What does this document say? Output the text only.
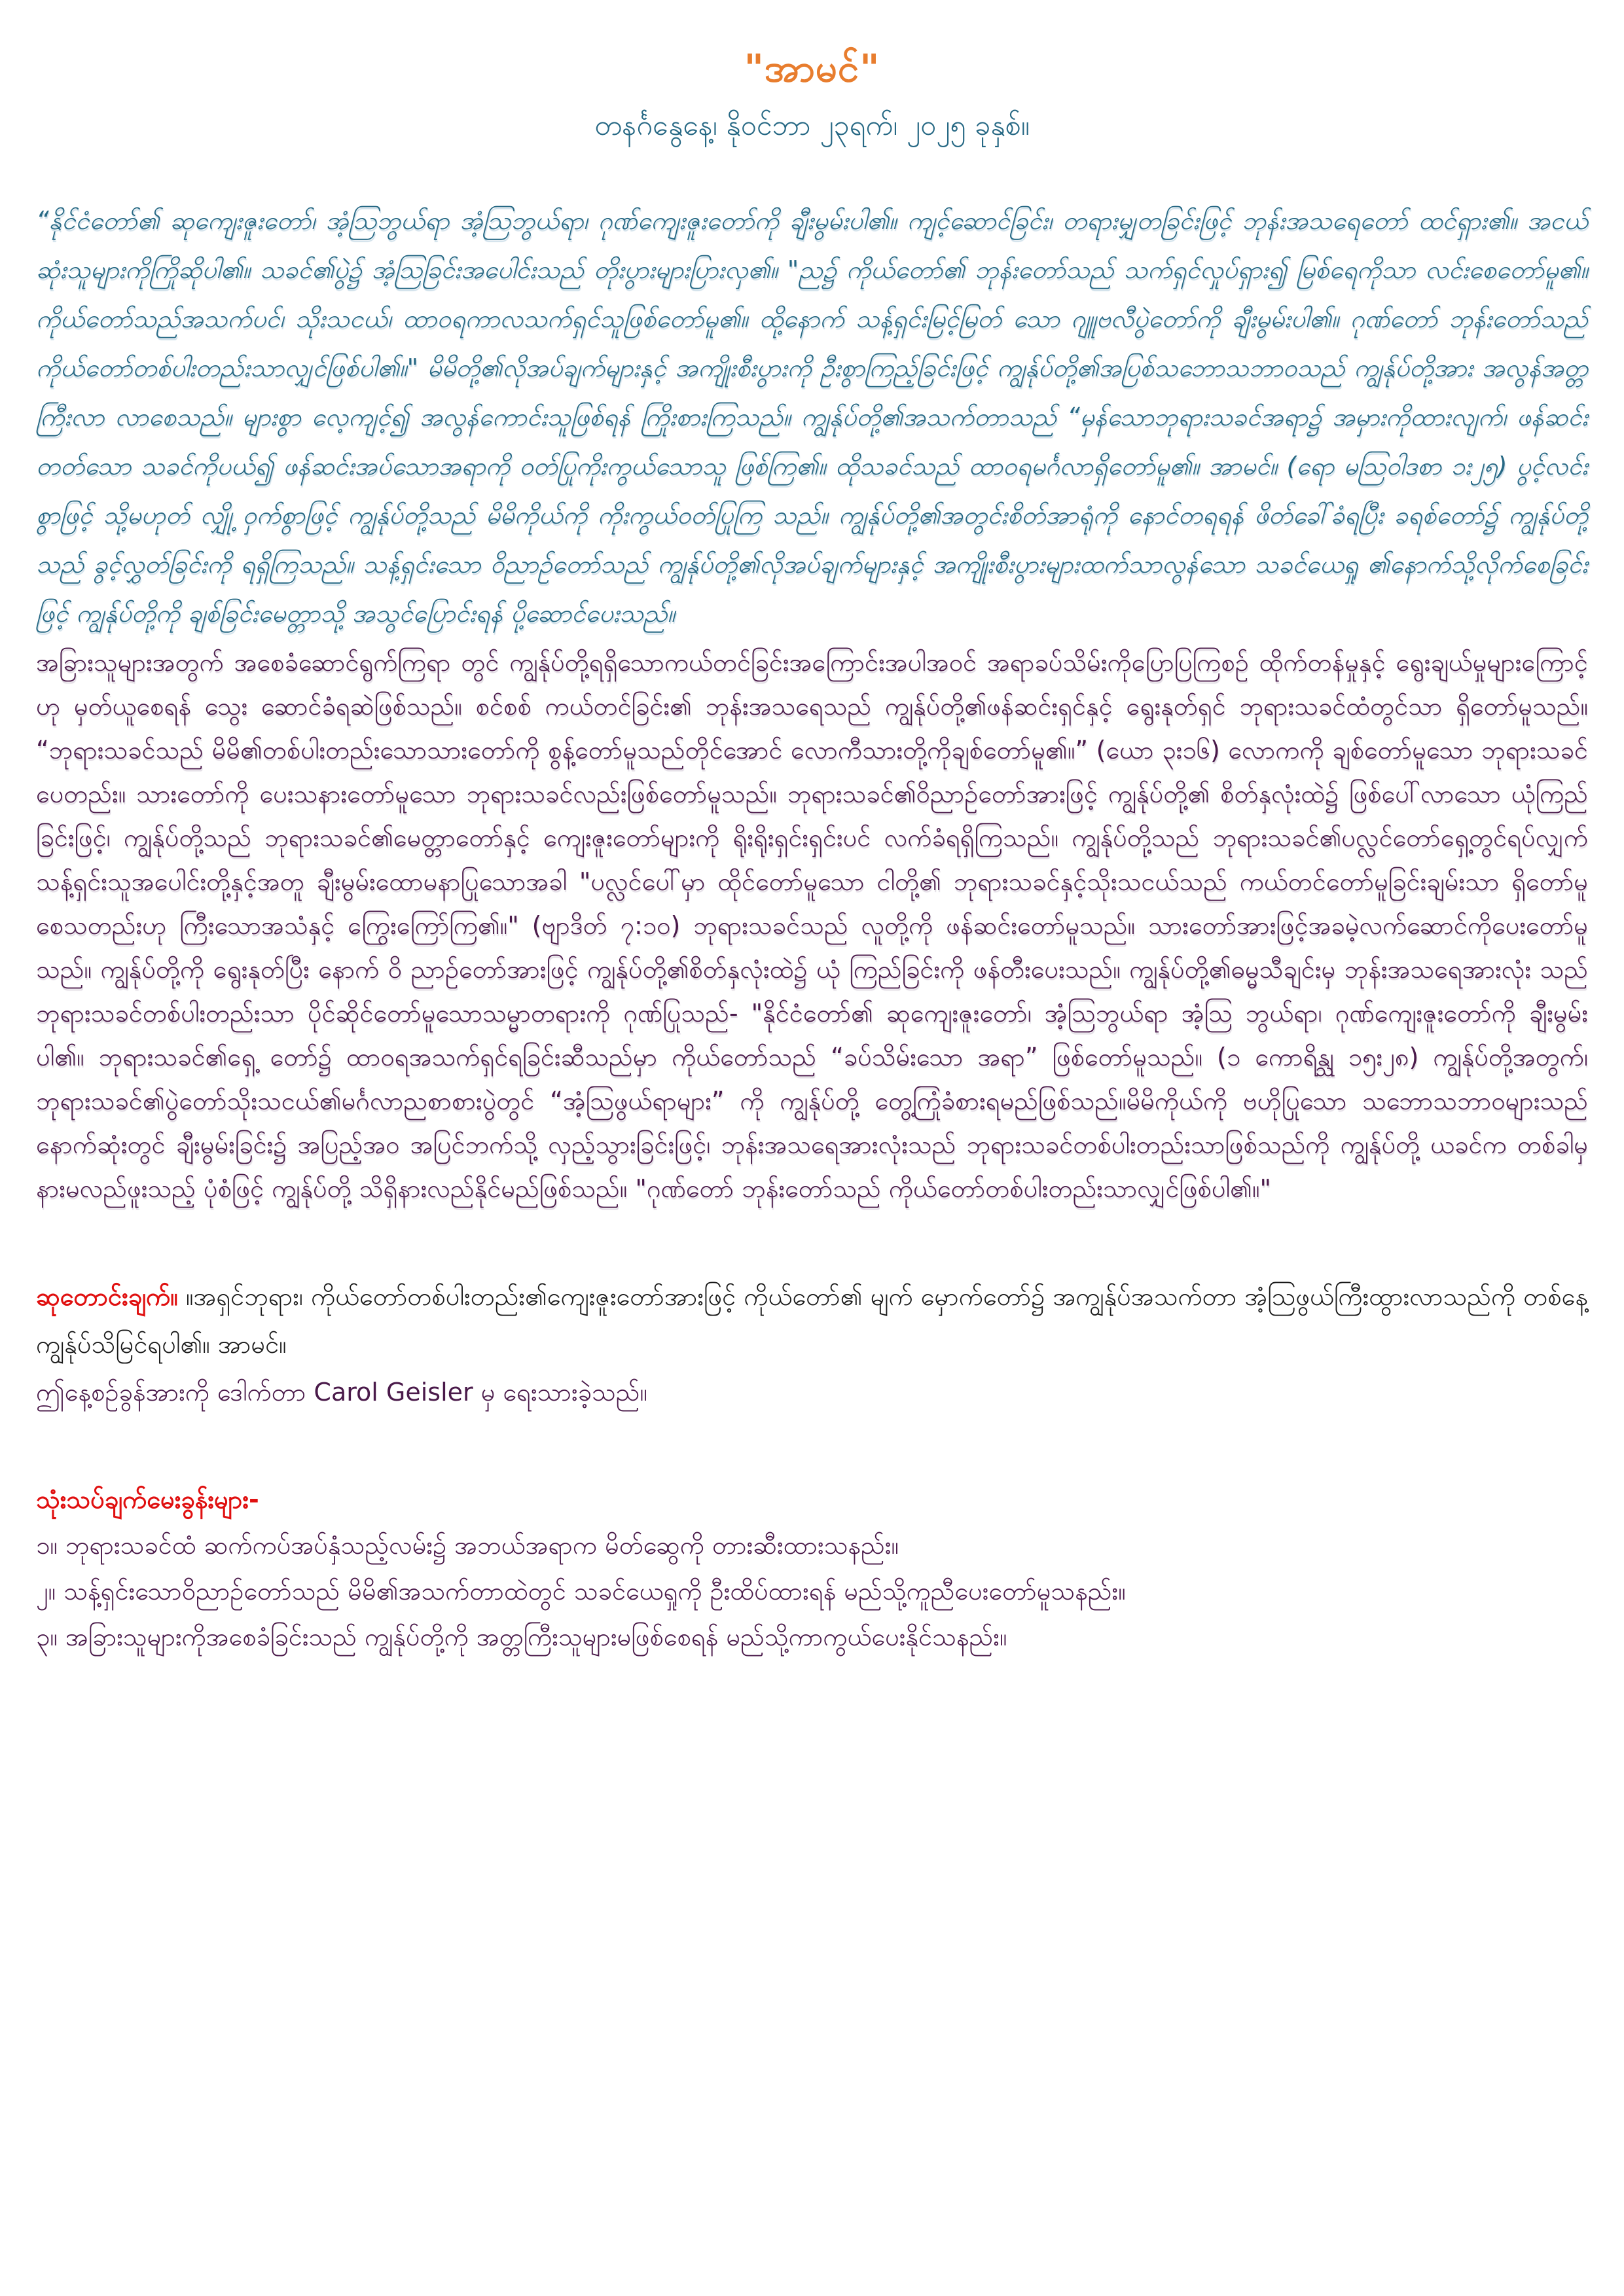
"အာမင်"
တနင်္ဂနွေနေ့၊ နိုဝင်ဘာ ၂၃ရက်၊ ၂၀၂၅ ခုနှစ်။
“နိုင်ငံတော်၏ ဆုကျေးဇူးတော်၊ အံ့ဩဘွယ်ရာ အံ့ဩဘွယ်ရာ၊ ဂုဏ်ကျေးဇူးတော်ကို ချီးမွမ်းပါ၏။ ကျင့်ဆောင်ခြင်း၊ တရားမျှတခြင်းဖြင့် ဘုန်းအသရေတော် ထင်ရှား၏။ အငယ်ဆုံးသူများကိုကြိုဆိုပါ၏။ သခင်၏ပွဲ၌ အံ့ဩခြင်းအပေါင်းသည် တိုးပွားများပြားလှ၏။ "ည၌ ကိုယ်တော်၏ ဘုန်းတော်သည် သက်ရှင်လှုပ်ရှား၍ မြစ်ရေကိုသာ လင်းစေတော်မူ၏။ ကိုယ်တော်သည်အသက်ပင်၊ သိုးသငယ်၊ ထာဝရကာလသက်ရှင်သူဖြစ်တော်မူ၏။ ထို့နောက် သန့်ရှင်းမြင့်မြတ် သော ဂျူဗလီပွဲတော်ကို ချီးမွမ်းပါ၏။ ဂုဏ်တော် ဘုန်းတော်သည် ကိုယ်တော်တစ်ပါးတည်းသာလျှင်ဖြစ်ပါ၏။" မိမိတို့၏လိုအပ်ချက်များနှင့် အကျိုးစီးပွားကို ဦးစွာကြည့်ခြင်းဖြင့် ကျွန်ုပ်တို့၏အပြစ်သဘောသဘာဝသည် ကျွန်ုပ်တို့အား အလွန်အတ္တကြီးလာ လာစေသည်။ များစွာ လေ့ကျင့်၍ အလွန်ကောင်းသူဖြစ်ရန် ကြိုးစားကြသည်။ ကျွန်ုပ်တို့၏အသက်တာသည် “မှန်သောဘုရားသခင်အရာ၌ အမှားကိုထားလျက်၊ ဖန်ဆင်းတတ်သော သခင်ကိုပယ်၍ ဖန်ဆင်းအပ်သောအရာကို ဝတ်ပြုကိုးကွယ်သောသူ ဖြစ်ကြ၏။ ထိုသခင်သည် ထာဝရမင်္ဂလာရှိတော်မူ၏။ အာမင်။ (ရော မဩဝါဒစာ ၁း၂၅) ပွင့်လင်းစွာဖြင့် သို့မဟုတ် လျှို့ ဝှက်စွာဖြင့် ကျွန်ုပ်တို့သည် မိမိကိုယ်ကို ကိုးကွယ်ဝတ်ပြုကြ သည်။ ကျွန်ုပ်တို့၏အတွင်းစိတ်အာရုံကို နောင်တရရန် ဖိတ်ခေါ်ခံရပြီး ခရစ်တော်၌ ကျွန်ုပ်တို့ သည် ခွင့်လွှတ်ခြင်းကို ရရှိကြသည်။ သန့်ရှင်းသော ဝိညာဉ်တော်သည် ကျွန်ုပ်တို့၏လိုအပ်ချက်များနှင့် အကျိုးစီးပွားများထက်သာလွန်သော သခင်ယေရှု ၏နောက်သို့လိုက်စေခြင်းဖြင့် ကျွန်ုပ်တို့ကို ချစ်ခြင်းမေတ္တာသို့ အသွင်ပြောင်းရန် ပို့ဆောင်ပေးသည်။
အခြားသူများအတွက် အစေခံဆောင်ရွက်ကြရာ တွင် ကျွန်ုပ်တို့ရရှိသောကယ်တင်ခြင်းအကြောင်းအပါအဝင် အရာခပ်သိမ်းကိုပြောပြကြစဉ် ထိုက်တန်မှုနှင့် ရွေးချယ်မှုများကြောင့်ဟု မှတ်ယူစေရန် သွေး ဆောင်ခံရဆဲဖြစ်သည်။ စင်စစ် ကယ်တင်ခြင်း၏ ဘုန်းအသရေသည် ကျွန်ုပ်တို့၏ဖန်ဆင်းရှင်နှင့် ရွေးနုတ်ရှင် ဘုရားသခင်ထံတွင်သာ ရှိတော်မူသည်။ “ဘုရားသခင်သည် မိမိ၏တစ်ပါးတည်းသောသားတော်ကို စွန့်တော်မူသည်တိုင်အောင် လောကီသားတို့ကိုချစ်တော်မူ၏။” (ယော ၃း၁၆) လောကကို ချစ်တော်မူသော ဘုရားသခင်ပေတည်း။ သားတော်ကို ပေးသနားတော်မူသော ဘုရားသခင်လည်းဖြစ်တော်မူသည်။ ဘုရားသခင်၏ဝိညာဉ်တော်အားဖြင့် ကျွန်ုပ်တို့၏ စိတ်နှလုံးထဲ၌ ဖြစ်ပေါ်လာသော ယုံကြည်ခြင်းဖြင့်၊ ကျွန်ုပ်တို့သည် ဘုရားသခင်၏မေတ္တာတော်နှင့် ကျေးဇူးတော်များကို ရိုးရိုးရှင်းရှင်းပင် လက်ခံရရှိကြသည်။ ကျွန်ုပ်တို့သည် ဘုရားသခင်၏ပလ္လင်တော်ရှေ့တွင်ရပ်လျှက် သန့်ရှင်းသူအပေါင်းတို့နှင့်အတူ ချီးမွမ်းထောမနာပြုသောအခါ "ပလ္လင်ပေါ်မှာ ထိုင်တော်မူသော ငါတို့၏ ဘုရားသခင်နှင့်သိုးသငယ်သည် ကယ်တင်တော်မူခြင်းချမ်းသာ ရှိတော်မူစေသတည်းဟု ကြီးသောအသံနှင့် ကြွေးကြော်ကြ၏။" (ဗျာဒိတ် ၇:၁၀) ဘုရားသခင်သည် လူတို့ကို ဖန်ဆင်းတော်မူသည်။ သားတော်အားဖြင့်အခမဲ့လက်ဆောင်ကိုပေးတော်မူသည်။ ကျွန်ုပ်တို့ကို ရွေးနုတ်ပြီး နောက် ဝိ ညာဉ်တော်အားဖြင့် ကျွန်ုပ်တို့၏စိတ်နှလုံးထဲ၌ ယုံ ကြည်ခြင်းကို ဖန်တီးပေးသည်။ ကျွန်ုပ်တို့၏ဓမ္မသီချင်းမှ ဘုန်းအသရေအားလုံး သည် ဘုရားသခင်တစ်ပါးတည်းသာ ပိုင်ဆိုင်တော်မူသောသမ္မာတရားကို ဂုဏ်ပြုသည်- "နိုင်ငံတော်၏ ဆုကျေးဇူးတော်၊ အံ့ဩဘွယ်ရာ အံ့ဩ ဘွယ်ရာ၊ ဂုဏ်ကျေးဇူးတော်ကို ချီးမွမ်းပါ၏။ ဘုရားသခင်၏ရှေ့ တော်၌ ထာဝရအသက်ရှင်ရခြင်းဆီသည်မှာ ကိုယ်တော်သည် “ခပ်သိမ်းသော အရာ” ဖြစ်တော်မူသည်။ (၁ ကောရိန္သု ၁၅း၂၈) ကျွန်ုပ်တို့အတွက်၊ ဘုရားသခင်၏ပွဲတော်သိုးသငယ်၏မင်္ဂလာညစာစားပွဲတွင် “အံ့ဩဖွယ်ရာများ” ကို ကျွန်ုပ်တို့ တွေ့ကြုံခံစားရမည်ဖြစ်သည်။မိမိကိုယ်ကို ဗဟိုပြုသော သဘောသဘာဝများသည် နောက်ဆုံးတွင် ချီးမွမ်းခြင်း၌ အပြည့်အဝ အပြင်ဘက်သို့ လှည့်သွားခြင်းဖြင့်၊ ဘုန်းအသရေအားလုံးသည် ဘုရားသခင်တစ်ပါးတည်းသာဖြစ်သည်ကို ကျွန်ုပ်တို့ ယခင်က တစ်ခါမှ နားမလည်ဖူးသည့် ပုံစံဖြင့် ကျွန်ုပ်တို့ သိရှိနားလည်နိုင်မည်ဖြစ်သည်။ "ဂုဏ်တော် ဘုန်းတော်သည် ကိုယ်တော်တစ်ပါးတည်းသာလျှင်ဖြစ်ပါ၏။"
ဆုတောင်းချက်။ ။အရှင်ဘုရား၊ ကိုယ်တော်တစ်ပါးတည်း၏ကျေးဇူးတော်အားဖြင့် ကိုယ်တော်၏ မျက် မှောက်တော်၌ အကျွန်ုပ်အသက်တာ အံ့ဩဖွယ်ကြီးထွားလာသည်ကို တစ်နေ့ ကျွန်ုပ်သိမြင်ရပါ၏။ အာမင်။
ဤနေ့စဉ်ခွန်အားကို ဒေါက်တာ Carol Geisler မှ ရေးသားခဲ့သည်။
သုံးသပ်ချက်မေးခွန်းများ-
၁။ ဘုရားသခင်ထံ ဆက်ကပ်အပ်နှံသည့်လမ်း၌ အဘယ်အရာက မိတ်ဆွေကို တားဆီးထားသနည်း။
၂။ သန့်ရှင်းသောဝိညာဉ်တော်သည် မိမိ၏အသက်တာထဲတွင် သခင်ယေရှုကို ဦးထိပ်ထားရန် မည်သို့ကူညီပေးတော်မူသနည်း။
၃။ အခြားသူများကိုအစေခံခြင်းသည် ကျွန်ုပ်တို့ကို အတ္တကြီးသူများမဖြစ်စေရန် မည်သို့ကာကွယ်ပေးနိုင်သနည်း။
